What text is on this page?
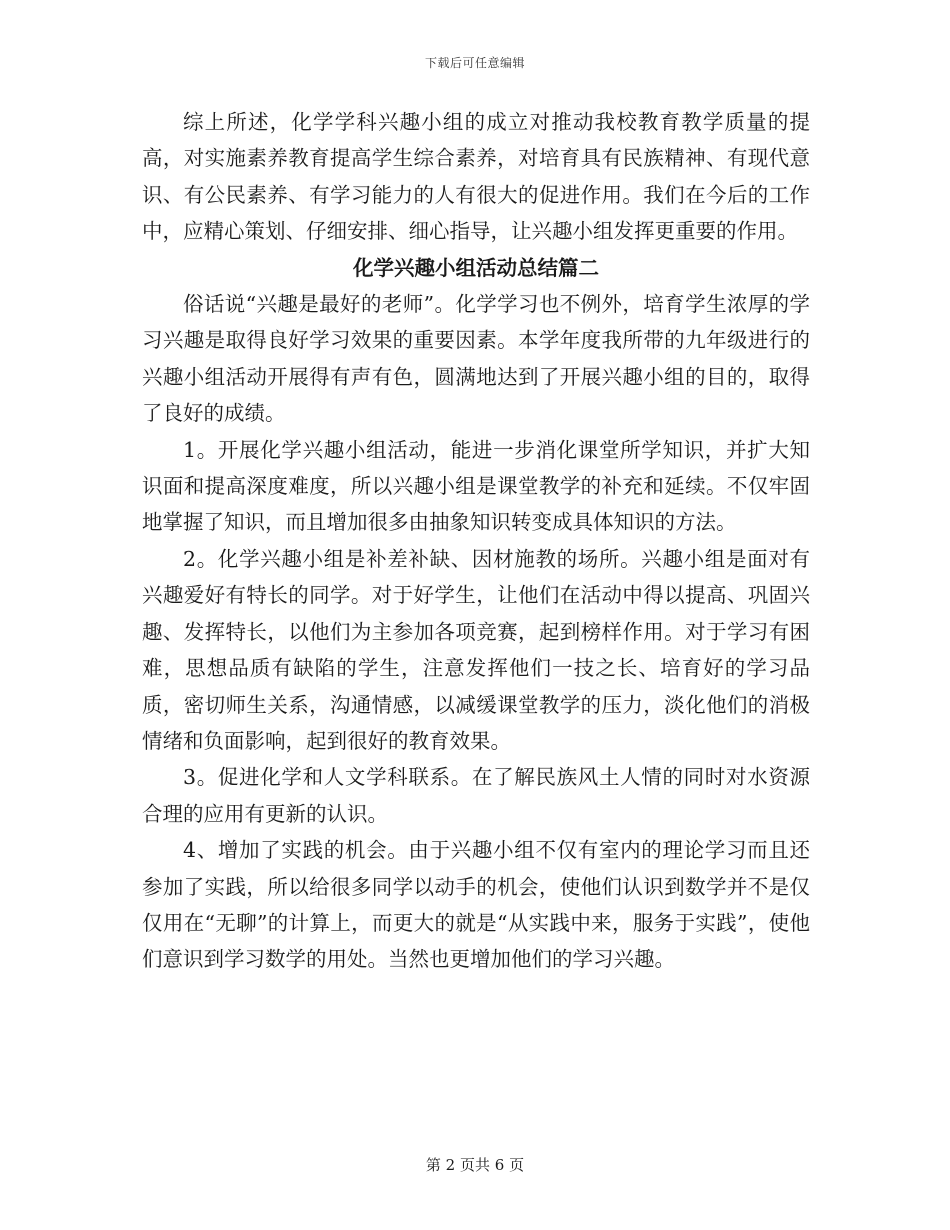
下载后可任意编辑

综上所述，化学学科兴趣小组的成立对推动我校教育教学质量的提高，对实施素养教育提高学生综合素养，对培育具有民族精神、有现代意识、有公民素养、有学习能力的人有很大的促进作用。我们在今后的工作中，应精心策划、仔细安排、细心指导，让兴趣小组发挥更重要的作用。

化学兴趣小组活动总结篇二

俗话说“兴趣是最好的老师”。化学学习也不例外，培育学生浓厚的学习兴趣是取得良好学习效果的重要因素。本学年度我所带的九年级进行的兴趣小组活动开展得有声有色，圆满地达到了开展兴趣小组的目的，取得了良好的成绩。

1。开展化学兴趣小组活动，能进一步消化课堂所学知识，并扩大知识面和提高深度难度，所以兴趣小组是课堂教学的补充和延续。不仅牢固地掌握了知识，而且增加很多由抽象知识转变成具体知识的方法。

2。化学兴趣小组是补差补缺、因材施教的场所。兴趣小组是面对有兴趣爱好有特长的同学。对于好学生，让他们在活动中得以提高、巩固兴趣、发挥特长，以他们为主参加各项竞赛，起到榜样作用。对于学习有困难，思想品质有缺陷的学生，注意发挥他们一技之长、培育好的学习品质，密切师生关系，沟通情感，以减缓课堂教学的压力，淡化他们的消极情绪和负面影响，起到很好的教育效果。

3。促进化学和人文学科联系。在了解民族风土人情的同时对水资源合理的应用有更新的认识。

4、增加了实践的机会。由于兴趣小组不仅有室内的理论学习而且还参加了实践，所以给很多同学以动手的机会，使他们认识到数学并不是仅仅用在“无聊”的计算上，而更大的就是“从实践中来，服务于实践”，使他们意识到学习数学的用处。当然也更增加他们的学习兴趣。

第 2 页共 6 页
